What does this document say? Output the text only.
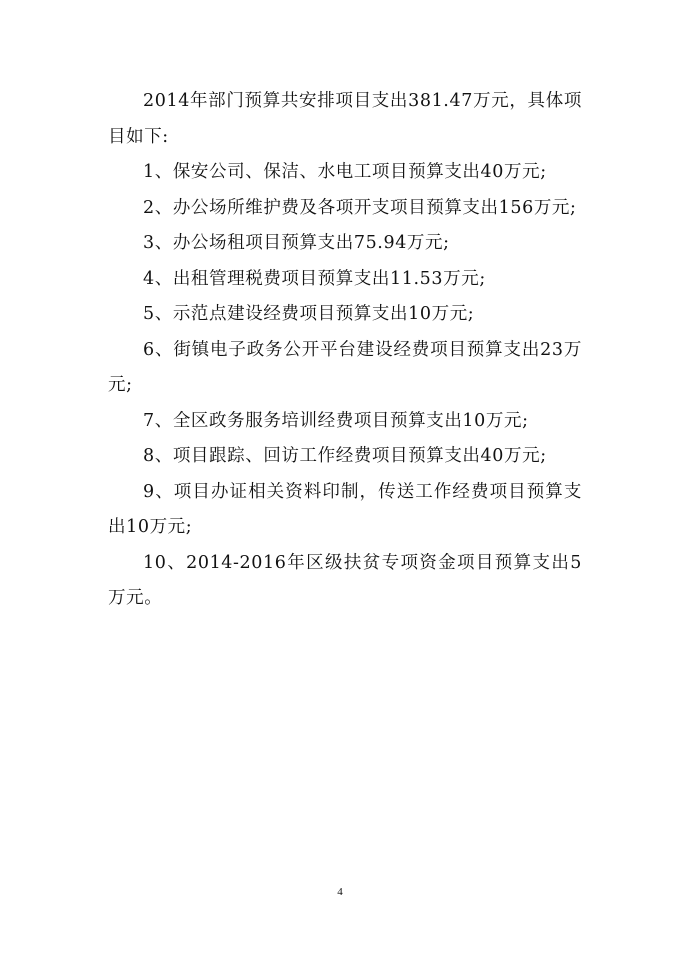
2014年部门预算共安排项目支出381.47万元，具体项目如下:

1、保安公司、保洁、水电工项目预算支出40万元;

2、办公场所维护费及各项开支项目预算支出156万元;

3、办公场租项目预算支出75.94万元;

4、出租管理税费项目预算支出11.53万元;

5、示范点建设经费项目预算支出10万元;

6、街镇电子政务公开平台建设经费项目预算支出23万元;

7、全区政务服务培训经费项目预算支出10万元;

8、项目跟踪、回访工作经费项目预算支出40万元;

9、项目办证相关资料印制，传送工作经费项目预算支出10万元;

10、2014-2016年区级扶贫专项资金项目预算支出5万元。

4
